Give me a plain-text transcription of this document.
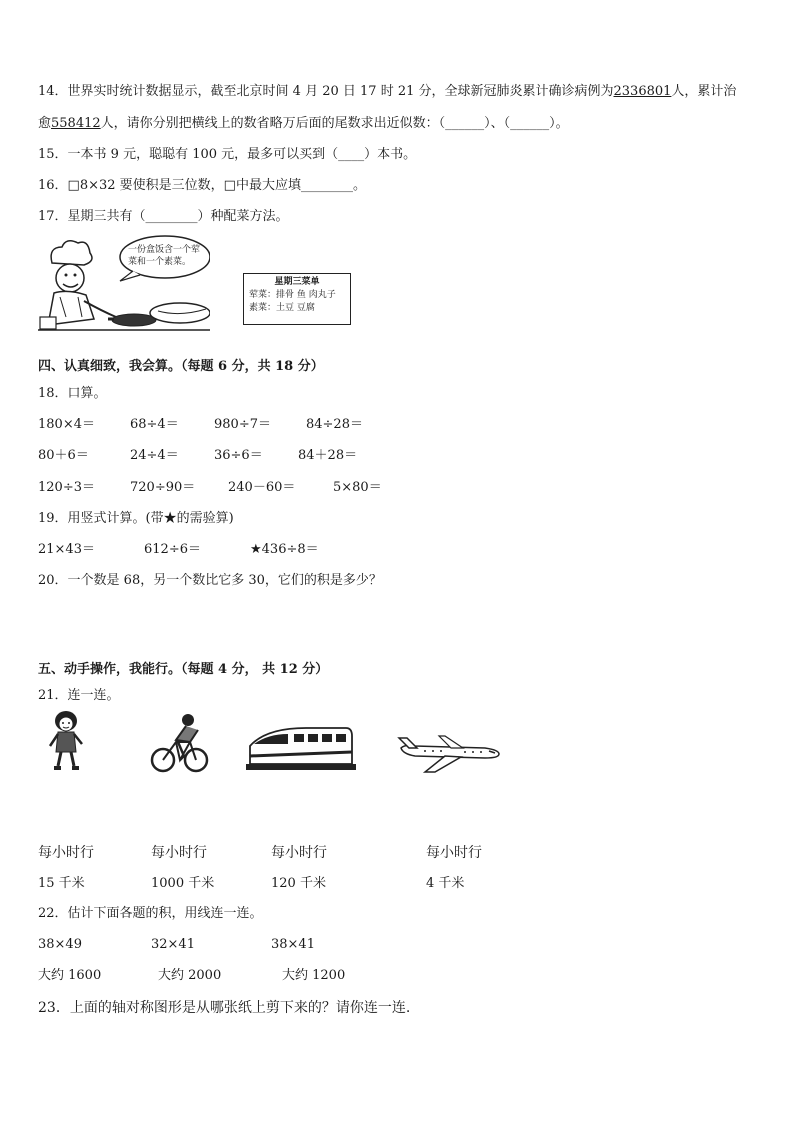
14．世界实时统计数据显示，截至北京时间 4 月 20 日 17 时 21 分，全球新冠肺炎累计确诊病例为2336801人，累计治
愈558412人，请你分别把横线上的数省略万后面的尾数求出近似数：（______）、（______）。
15．一本书 9 元，聪聪有 100 元，最多可以买到（____）本书。
16．□8×32 要使积是三位数，□中最大应填________。
17．星期三共有（________）种配菜方法。
一份盒饭含一个荤
菜和一个素菜。
星期三菜单
荤菜：排骨 鱼 肉丸子
素菜：土豆 豆腐
四、认真细致，我会算。（每题 6 分，共 18 分）
18．口算。
180×4＝	68÷4＝	980÷7＝	84÷28＝
80＋6＝	24÷4＝	36÷6＝	84＋28＝
120÷3＝	720÷90＝	240－60＝	5×80＝
19．用竖式计算。(带★的需验算)
21×43＝	612÷6＝	★436÷8＝
20．一个数是 68，另一个数比它多 30，它们的积是多少？
五、动手操作，我能行。（每题 4 分， 共 12 分）
21．连一连。
每小时行	每小时行	每小时行	每小时行
15 千米	1000 千米	120 千米	4 千米
22．估计下面各题的积，用线连一连。
38×49	32×41	38×41
大约 1600	大约 2000	大约 1200
23．上面的轴对称图形是从哪张纸上剪下来的？请你连一连.
